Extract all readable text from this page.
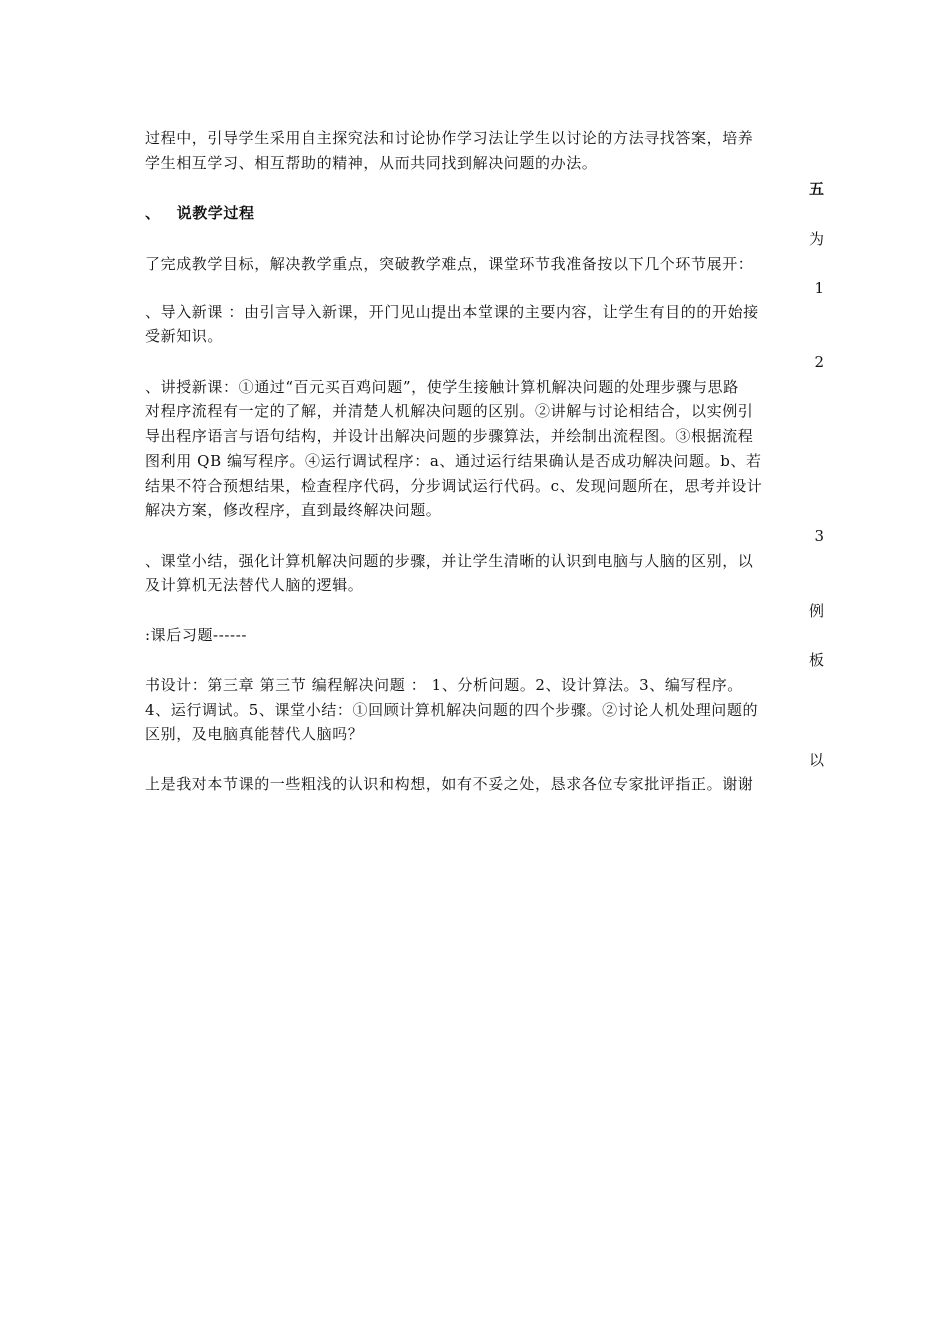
过程中，引导学生采用自主探究法和讨论协作学习法让学生以讨论的方法寻找答案，培养
学生相互学习、相互帮助的精神，从而共同找到解决问题的办法。
五
、 说教学过程
为
了完成教学目标，解决教学重点，突破教学难点，课堂环节我准备按以下几个环节展开：
1
、导入新课 ：由引言导入新课，开门见山提出本堂课的主要内容，让学生有目的的开始接
受新知识。
2
、讲授新课：①通过“百元买百鸡问题”，使学生接触计算机解决问题的处理步骤与思路
对程序流程有一定的了解，并清楚人机解决问题的区别。②讲解与讨论相结合，以实例引
导出程序语言与语句结构，并设计出解决问题的步骤算法，并绘制出流程图。③根据流程
图利用 QB 编写程序。④运行调试程序：a、通过运行结果确认是否成功解决问题。b、若
结果不符合预想结果，检查程序代码，分步调试运行代码。c、发现问题所在，思考并设计
解决方案，修改程序，直到最终解决问题。
3
、课堂小结，强化计算机解决问题的步骤，并让学生清晰的认识到电脑与人脑的区别，以
及计算机无法替代人脑的逻辑。
例
:课后习题------
板
书设计：第三章 第三节 编程解决问题 ： 1、分析问题。2、设计算法。3、编写程序。
4、运行调试。5、课堂小结：①回顾计算机解决问题的四个步骤。②讨论人机处理问题的
区别，及电脑真能替代人脑吗？
以
上是我对本节课的一些粗浅的认识和构想，如有不妥之处，恳求各位专家批评指正。谢谢
